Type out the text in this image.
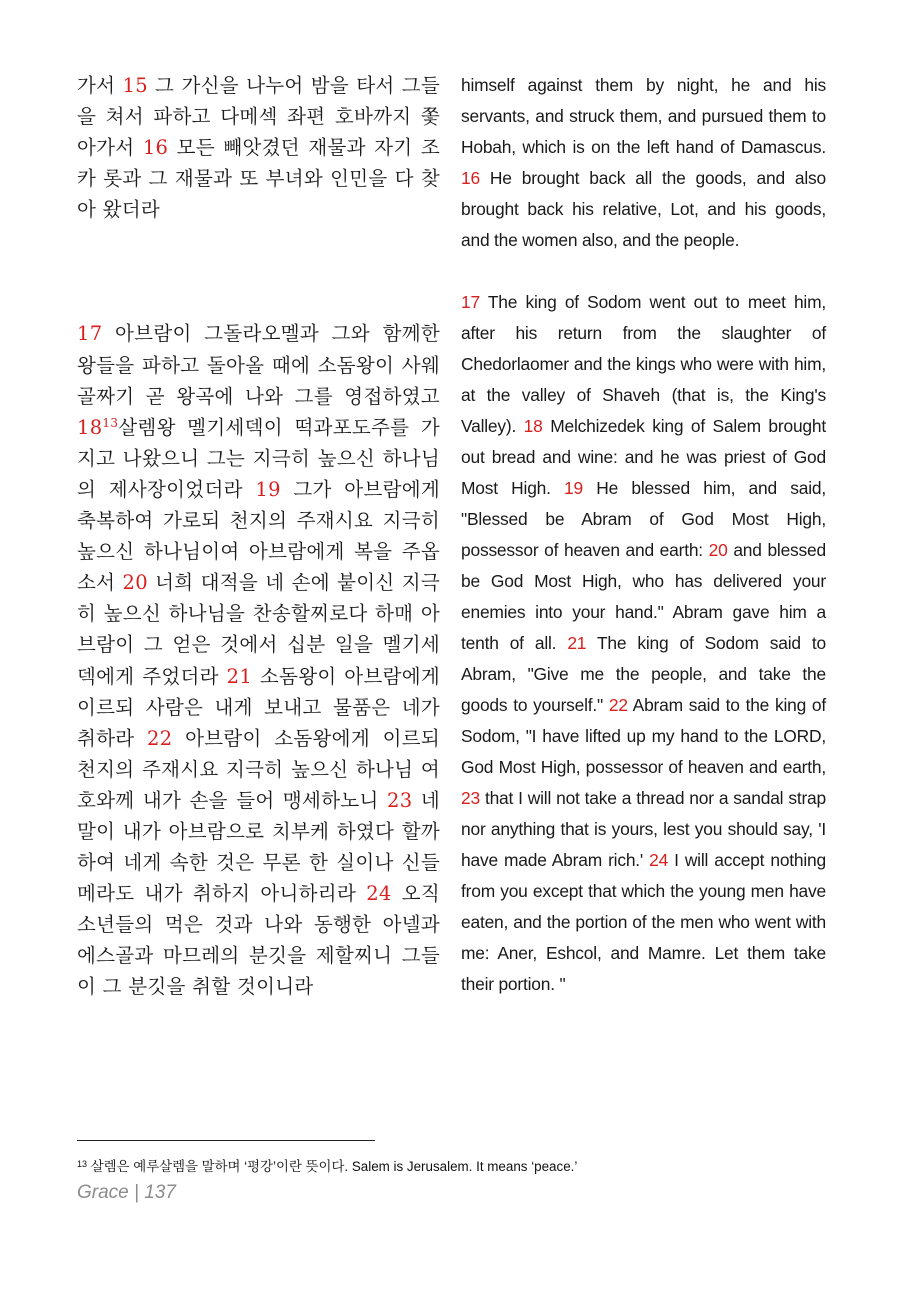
가서 15 그 가신을 나누어 밤을 타서 그들을 쳐서 파하고 다메섹 좌편 호바까지 쫓아가서 16 모든 빼앗겼던 재물과 자기 조카 롯과 그 재물과 또 부녀와 인민을 다 찾아 왔더라

17 아브람이 그돌라오멜과 그와 함께한 왕들을 파하고 돌아올 때에 소돔왕이 사웨 골짜기 곧 왕곡에 나와 그를 영접하였고 18$^{13}$살렘왕 멜기세덱이 떡과포도주를 가지고 나왔으니 그는 지극히 높으신 하나님의 제사장이었더라 19 그가 아브람에게 축복하여 가로되 천지의 주재시요 지극히 높으신 하나님이여 아브람에게 복을 주옵소서 20 너희 대적을 네 손에 붙이신 지극히 높으신 하나님을 찬송할찌로다 하매 아브람이 그 얻은 것에서 십분 일을 멜기세덱에게 주었더라 21 소돔왕이 아브람에게 이르되 사람은 내게 보내고 물품은 네가 취하라 22 아브람이 소돔왕에게 이르되 천지의 주재시요 지극히 높으신 하나님 여호와께 내가 손을 들어 맹세하노니 23 네 말이 내가 아브람으로 치부케 하였다 할까 하여 네게 속한 것은 무론 한 실이나 신들메라도 내가 취하지 아니하리라 24 오직 소년들의 먹은 것과 나와 동행한 아넬과 에스골과 마므레의 분깃을 제할찌니 그들이 그 분깃을 취할 것이니라

himself against them by night, he and his servants, and struck them, and pursued them to Hobah, which is on the left hand of Damascus. 16 He brought back all the goods, and also brought back his relative, Lot, and his goods, and the women also, and the people.

17 The king of Sodom went out to meet him, after his return from the slaughter of Chedorlaomer and the kings who were with him, at the valley of Shaveh (that is, the King's Valley). 18 Melchizedek king of Salem brought out bread and wine: and he was priest of God Most High. 19 He blessed him, and said, "Blessed be Abram of God Most High, possessor of heaven and earth: 20 and blessed be God Most High, who has delivered your enemies into your hand." Abram gave him a tenth of all. 21 The king of Sodom said to Abram, "Give me the people, and take the goods to yourself." 22 Abram said to the king of Sodom, "I have lifted up my hand to the LORD, God Most High, possessor of heaven and earth, 23 that I will not take a thread nor a sandal strap nor anything that is yours, lest you should say, 'I have made Abram rich.' 24 I will accept nothing from you except that which the young men have eaten, and the portion of the men who went with me: Aner, Eshcol, and Mamre. Let them take their portion. "

$^{13}$ 살렘은 예루살렘을 말하며 ‘평강’이란 뜻이다. Salem is Jerusalem. It means ‘peace.’
Grace | 137
